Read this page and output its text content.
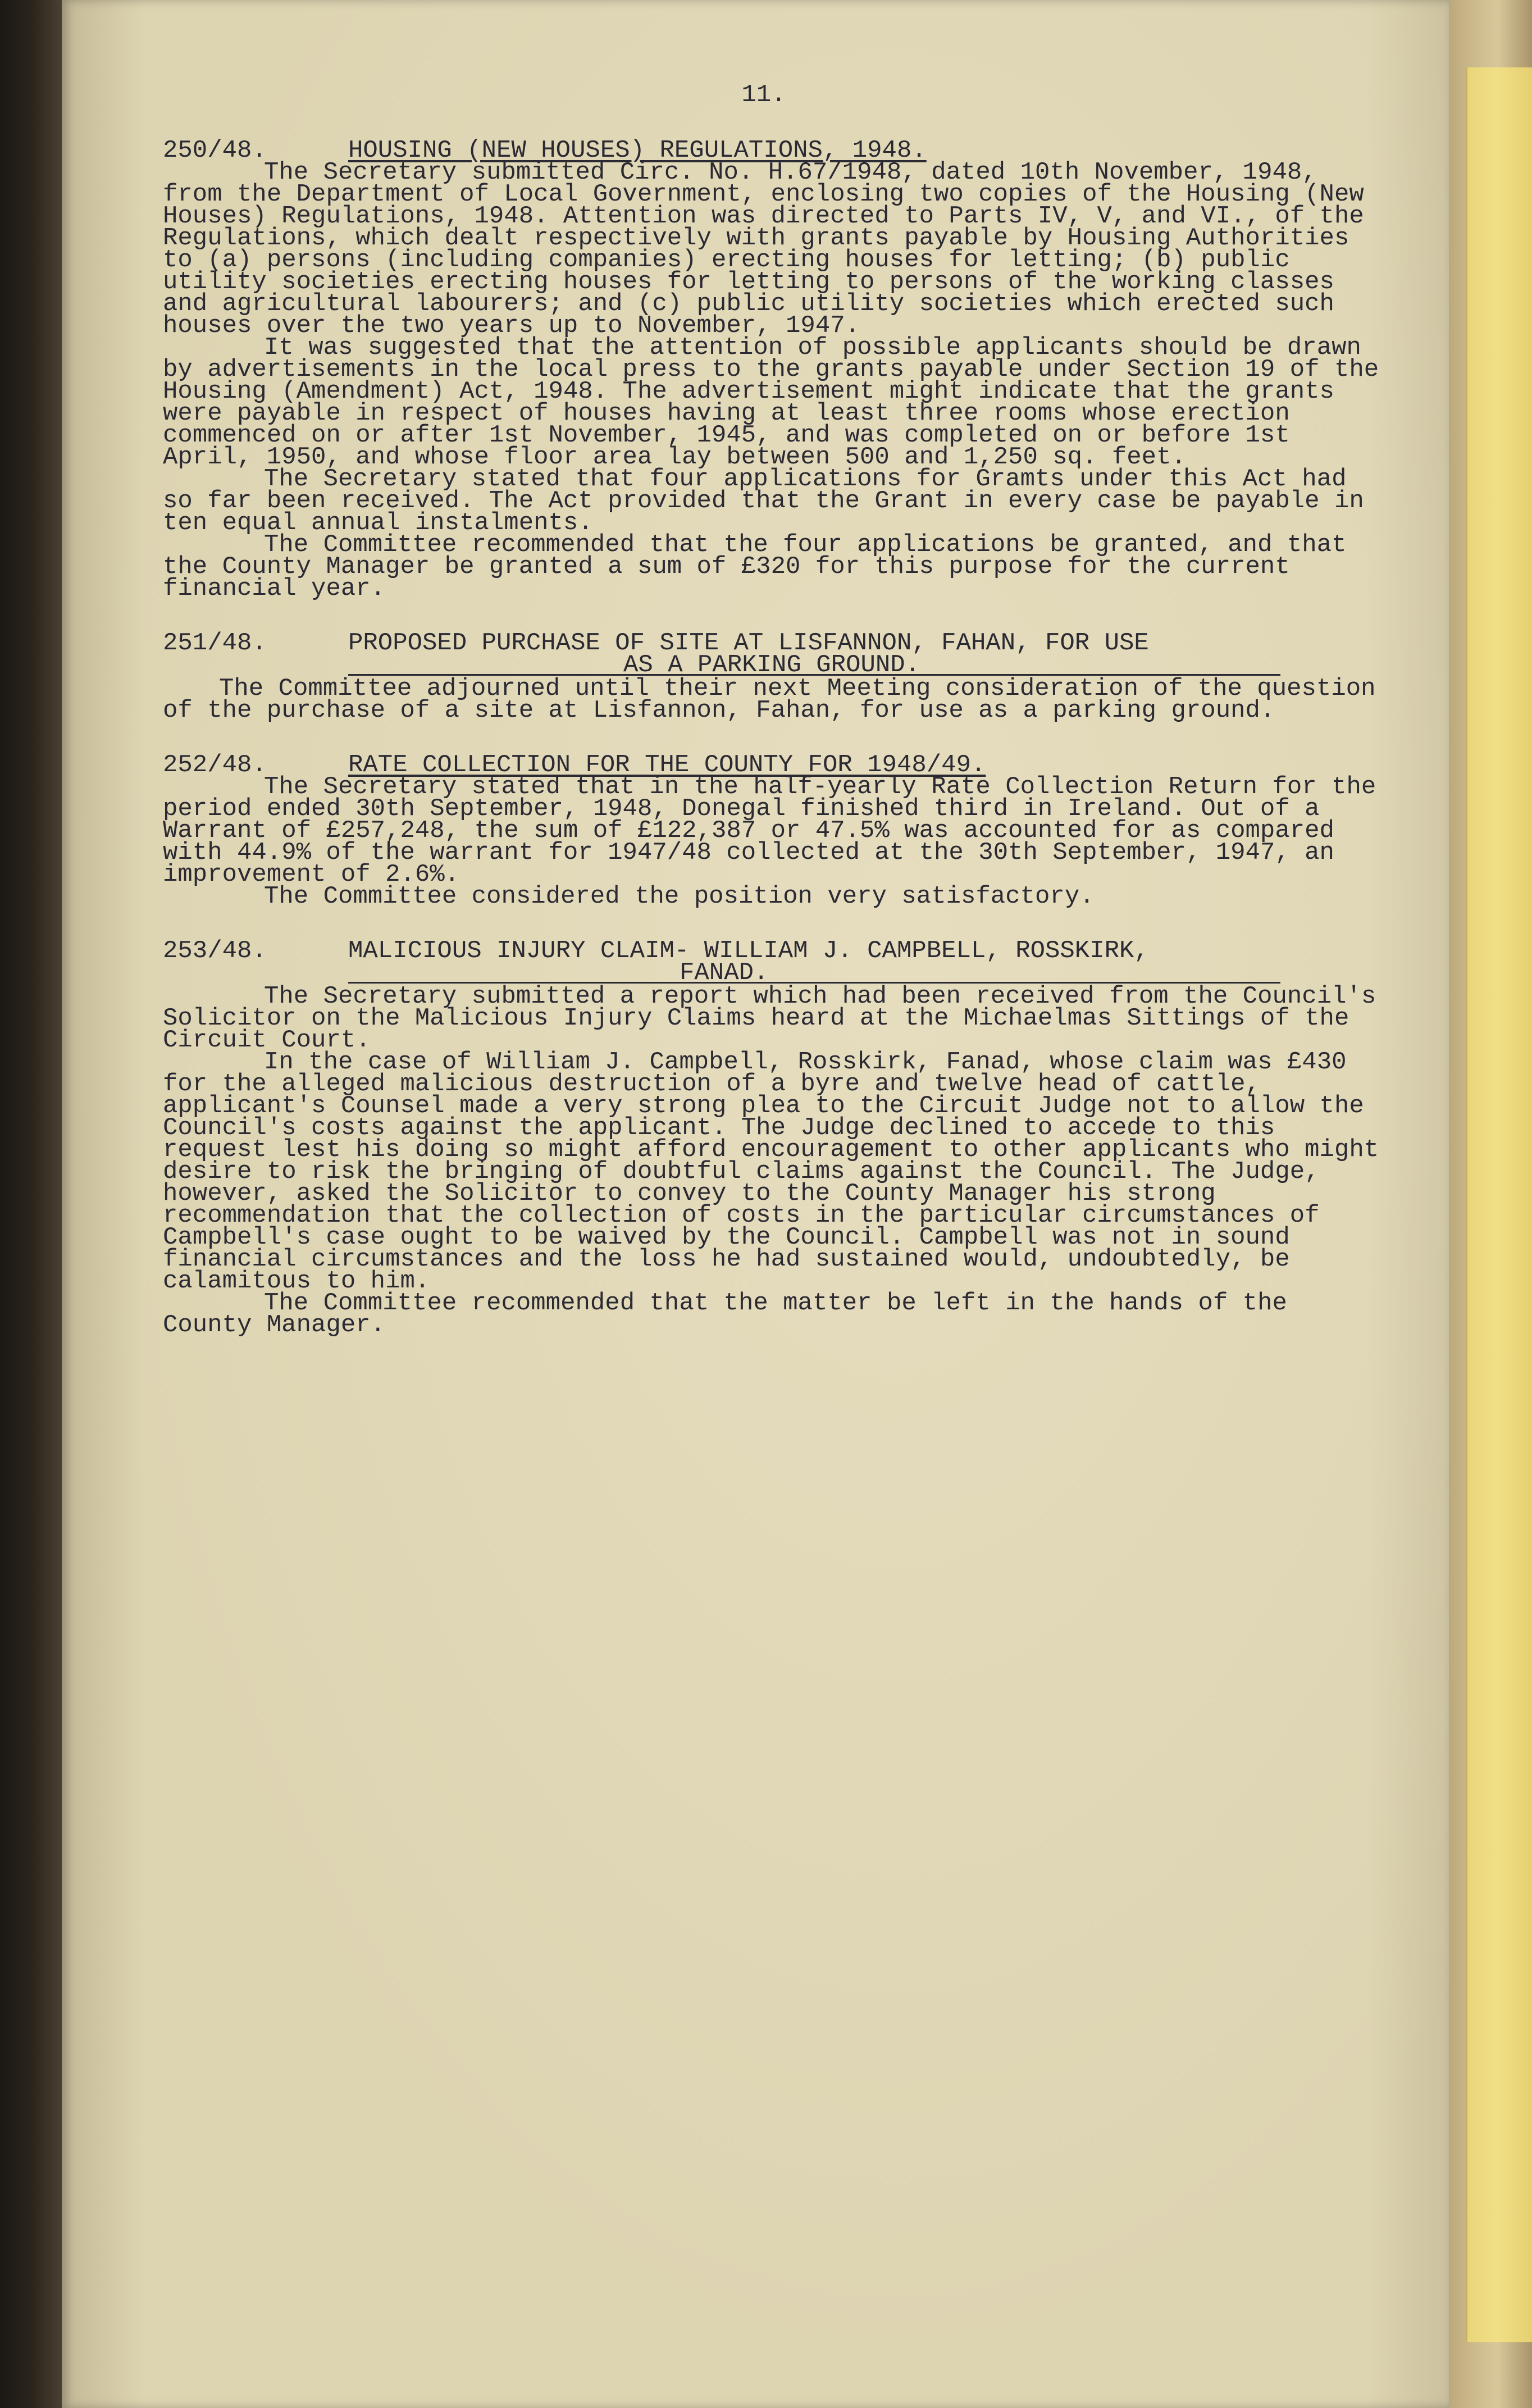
11.
250/48.	HOUSING (NEW HOUSES) REGULATIONS, 1948.

The Secretary submitted Circ. No. H.67/1948, dated 10th November, 1948, from the Department of Local Government, enclosing two copies of the Housing (New Houses) Regulations, 1948. Attention was directed to Parts IV, V, and VI., of the Regulations, which dealt respectively with grants payable by Housing Authorities to (a) persons (including companies) erecting houses for letting; (b) public utility societies erecting houses for letting to persons of the working classes and agricultural labourers; and (c) public utility societies which erected such houses over the two years up to November, 1947.

It was suggested that the attention of possible applicants should be drawn by advertisements in the local press to the grants payable under Section 19 of the Housing (Amendment) Act, 1948. The advertisement might indicate that the grants were payable in respect of houses having at least three rooms whose erection commenced on or after 1st November, 1945, and was completed on or before 1st April, 1950, and whose floor area lay between 500 and 1,250 sq. feet.

The Secretary stated that four applications for Gramts under this Act had so far been received. The Act provided that the Grant in every case be payable in ten equal annual instalments.

The Committee recommended that the four applications be granted, and that the County Manager be granted a sum of £320 for this purpose for the current financial year.

251/48.	PROPOSED PURCHASE OF SITE AT LISFANNON, FAHAN, FOR USE
AS A PARKING GROUND.

The Committee adjourned until their next Meeting consideration of the question of the purchase of a site at Lisfannon, Fahan, for use as a parking ground.

252/48.	RATE COLLECTION FOR THE COUNTY FOR 1948/49.

The Secretary stated that in the half-yearly Rate Collection Return for the period ended 30th September, 1948, Donegal finished third in Ireland. Out of a Warrant of £257,248, the sum of £122,387 or 47.5% was accounted for as compared with 44.9% of the warrant for 1947/48 collected at the 30th September, 1947, an improvement of 2.6%.

The Committee considered the position very satisfactory.

253/48.	MALICIOUS INJURY CLAIM- WILLIAM J. CAMPBELL, ROSSKIRK,
FANAD.

The Secretary submitted a report which had been received from the Council's Solicitor on the Malicious Injury Claims heard at the Michaelmas Sittings of the Circuit Court.

In the case of William J. Campbell, Rosskirk, Fanad, whose claim was £430 for the alleged malicious destruction of a byre and twelve head of cattle, applicant's Counsel made a very strong plea to the Circuit Judge not to allow the Council's costs against the applicant. The Judge declined to accede to this request lest his doing so might afford encouragement to other applicants who might desire to risk the bringing of doubtful claims against the Council. The Judge, however, asked the Solicitor to convey to the County Manager his strong recommendation that the collection of costs in the particular circumstances of Campbell's case ought to be waived by the Council. Campbell was not in sound financial circumstances and the loss he had sustained would, undoubtedly, be calamitous to him.

The Committee recommended that the matter be left in the hands of the County Manager.
